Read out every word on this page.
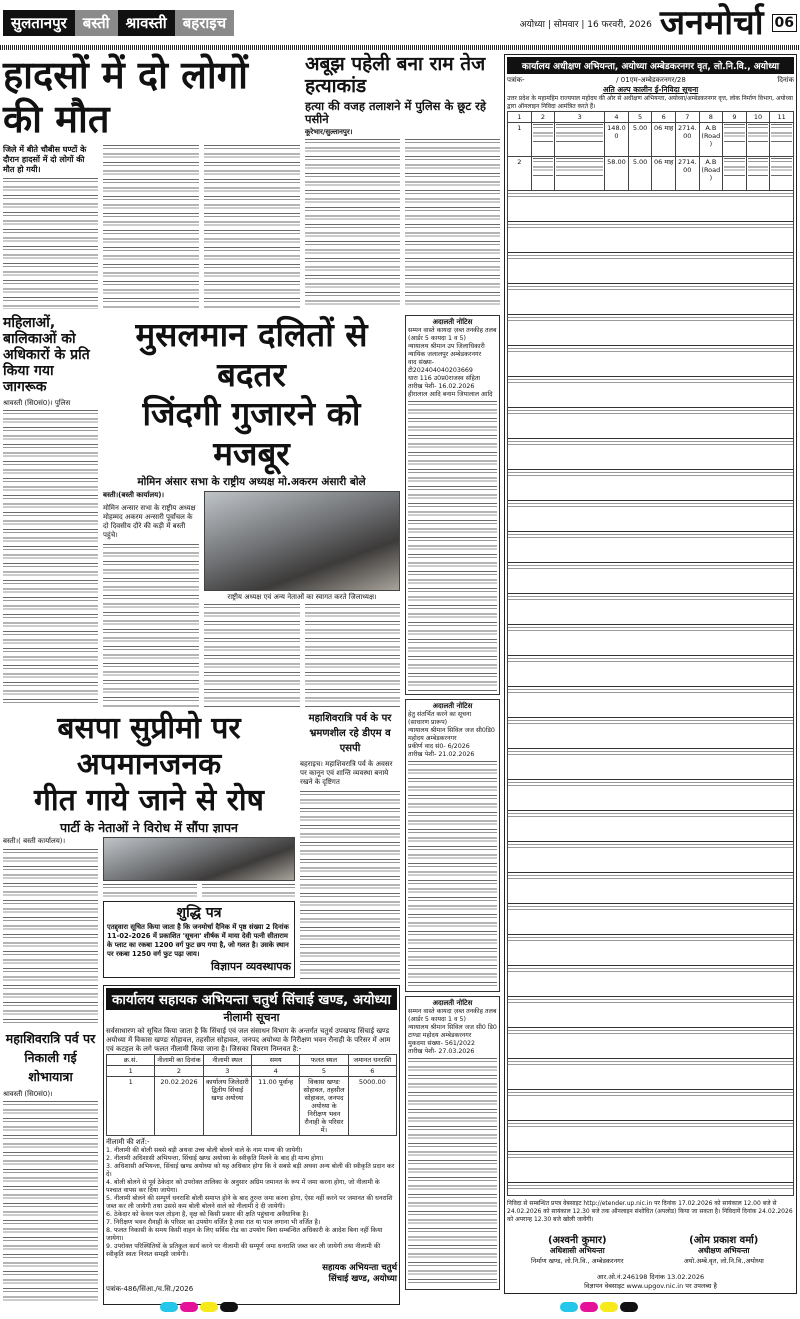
सुलतानपुर बस्ती श्रावस्ती बहराइच	अयोध्या | सोमवार | 16 फरवरी, 2026 जनमोर्चा 06
हादसों में दो लोगों की मौत
जिले में बीते चौबीस घण्टों के दौरान हादसों में दो लोगों की मौत हो गयी।
अबूझ पहेली बना राम तेज हत्याकांड
हत्या की वजह तलाशने में पुलिस के छूट रहे पसीने
कूरेभार/सुल्तानपुर।
महिलाओं, बालिकाओं को अधिकारों के प्रति किया गया जागरूक
श्रावस्ती (सि0सं0)। पुलिस
मुसलमान दलितों से बदतर
जिंदगी गुजारने को मजबूर
मोमिन अंसार सभा के राष्ट्रीय अध्यक्ष मो.अकरम अंसारी बोले
बस्ती।(बस्ती कार्यालय)।
मोमिन अन्सार सभा के राष्ट्रीय अध्यक्ष मोहम्मद अकरम अन्सारी पूर्वांचल के दो दिवसीय दौरे की कड़ी में बस्ती पहुंचे।
राष्ट्रीय अध्यक्ष एवं अन्य नेताओं का स्वागत करते जिलाध्यक्ष।
बसपा सुप्रीमो पर अपमानजनक
गीत गाये जाने से रोष
पार्टी के नेताओं ने विरोध में सौंपा ज्ञापन
बस्ती।( बस्ती कार्यालय)।
शुद्धि पत्र
एतद्द्वारा सूचित किया जाता है कि जनमोर्चा दैनिक में पृष्ठ संख्या 2 दिनांक 11-02-2026 में प्रकाशित 'सूचना' शीर्षक में माया देवी पत्नी सीताराम के प्लाट का रकबा 1200 वर्ग फुट छप गया है, जो गलत है। उसके स्थान पर रकबा 1250 वर्ग फुट पढ़ा जाय।
विज्ञापन व्यवस्थापक
महाशिवरात्रि पर्व के पर भ्रमणशील रहे डीएम व एसपी
बहराइच। महाशिवरात्रि पर्व के अवसर पर कानून एवं शान्ति व्यवस्था बनाये रखने के दृष्टिगत
महाशिवरात्रि पर्व पर निकाली गई शोभायात्रा
श्रावस्ती (सि0सं0)।
कार्यालय सहायक अभियन्ता चतुर्थ सिंचाई खण्ड, अयोध्या
नीलामी सूचना
सर्वसाधारण को सूचित किया जाता है कि सिंचाई एवं जल संसाधन विभाग के अन्तर्गत चतुर्थ उपखण्ड सिंचाई खण्ड अयोध्या में विकास खण्डः सोहावल, तहसील सोहावल, जनपद अयोध्या के निरीक्षण भवन रौनाही के परिसर में आम एवं कटहल के लगे फलत नीलामी किया जाना है। जिसका विवरण निम्नवत है:-
क्र.सं.	नीलामी का दिनांक	नीलामी स्थल	समय	फलत स्थल	जमानत धनराशि
1	2	3	4	5	6
1	20.02.2026	कार्यालय जिलेदारी द्वितीय सिंचाई खण्ड अयोध्या	11.00 पूर्वान्ह	विकास खण्डः सोहावल, तहसील सोहावल, जनपद अयोध्या के निरीक्षण भवन रौनाही के परिसर में।	5000.00
नीलामी की शर्ते:-
1. नीलामी की बोली सबसे बड़ी अथवा उच्च बोली बोलने वाले के नाम मान्य की जायेगी।
2. नीलामी अधिशासी अभियन्ता, सिंचाई खण्ड अयोध्या के स्वीकृति मिलने के बाद ही मान्य होगा।
3. अधिशासी अभियन्ता, सिंचाई खण्ड अयोध्या को यह अधिकार होगा कि वे सबसे बड़ी अथवा अन्य बोली की स्वीकृति प्रदान कर दें।
4. बोली बोलने से पूर्व ठेकेदार को उपरोक्त तालिका के अनुसार अग्रिम जमानत के रूप में जमा करना होगा, जो नीलामी के पश्चात वापस कर दिया जायेगा।
5. नीलामी बोलने की सम्पूर्ण धनराशि बोली समाप्त होने के बाद तुरन्त जमा करना होगा, ऐसा नहीं करने पर जमानत की धनराशि जब्त कर ली जायेगी तथा उससे कम बोली बोलने वाले को नीलामी दे दी जायेगी।
6. ठेकेदार को केवल फल तोड़ना है, वृक्ष को किसी प्रकार की क्षति पहुंचाना अवैधानिक है।
7. निरीक्षण भवन रौनाही के परिसर का उपयोग वर्जित है तथा रात या पाल लगाना भी वर्जित है।
8. फलत निकासी के समय किसी वाहन के लिए सर्विस रोड का उपयोग बिना सम्बन्धित अधिकारी के आदेश बिना नहीं किया जायेगा।
9. उपरोक्त परिस्थितियों के प्रतिकूल कार्य करने पर नीलामी की सम्पूर्ण जमा धनराशि जब्त कर ली जायेगी तथा नीलामी की स्वीकृति स्वतः निरस्त समझी जायेगी।
सहायक अभियन्ता चतुर्थ
सिंचाई खण्ड, अयोध्या
पत्रांक-486/सिंआ./च.सि./2026
अदालती नोटिस
सम्मन वास्ते कायदा ज़ब्त तनकीह तलब
(आर्डर 5 कायदा 1 व 5)
न्यायालय श्रीमान उप जिलाधिकारी न्यायिक जलालपुर अम्बेडकरनगर
वाद संख्या-टी202404040203669
धारा 116 उ0प्र0राजस्व संहिता
तारीख पेशी- 16.02.2026
हीरालाल आदि बनाम जियालाल आदि
अदालती नोटिस
हेतु संतर्भित करने का सूचना
(साधारण प्रारूप)
न्यायालय श्रीमान सिविल जज सी0डि0 महोदय अम्बेडकरनगर
प्रकीर्ण वाद सं0- 6/2026
तारीख पेशी- 21.02.2026
अदालती नोटिस
सम्मन वास्ते कायदा ज़ब्त तनकीह तलब
(आर्डर 5 कायदा 1 व 5)
न्यायालय श्रीमान सिविल जज सी0 डि0 टाण्डा महोदय अम्बेडकरनगर
मुकदमा संख्या- 561/2022
तारीख पेशी- 27.03.2026
कार्यालय अधीक्षण अभियन्ता, अयोध्या अम्बेडकरनगर वृत, लो.नि.वि., अयोध्या
पत्रांक-	/ 01एम-अम्बेडकरनगर/28	दिनांक
अति अल्प कालीन ई-निविदा सूचना
उत्तर प्रदेश के महामहिम राज्यपाल महोदय की ओर से अधीक्षण अभियन्ता, अयोध्या/अम्बेडकरनगर वृत्त, लोक निर्माण विभाग, अयोध्या द्वारा ऑनलाइन निविदा आमंत्रित करते हैं।
1	2	3	4	5	6	7	8	9	10	11
1			148.00	5.00	06 माह	2714.00	A.B (Road)	

2			58.00	5.00	06 माह	2714.00	A.B (Road)	

निविदा से सम्बन्धित प्रपत्र वेबसाइट http://etender.up.nic.in पर दिनांक 17.02.2026 को सायंकाल 12.00 बजे से 24.02.2026 को सायंकाल 12.30 बजे तक ऑनलाइन संशोधित (अपलोड) किया जा सकता है। निविदायें दिनांक 24.02.2026 को अपरान्ह 12.30 बजे खोली जायेंगी।
(अश्वनी कुमार)
अधिशासी अभियन्ता
निर्माण खण्ड, लो.नि.वि., अम्बेडकरनगर
(ओम प्रकाश वर्मा)
अधीक्षण अभियन्ता
अयो.अम्बे.वृत, लो.नि.वि.,अयोध्या
आर.ओ.नं.246198 दिनांक 13.02.2026
विज्ञापन वेबसाइट www.upgov.nic.in पर उपलब्ध है
